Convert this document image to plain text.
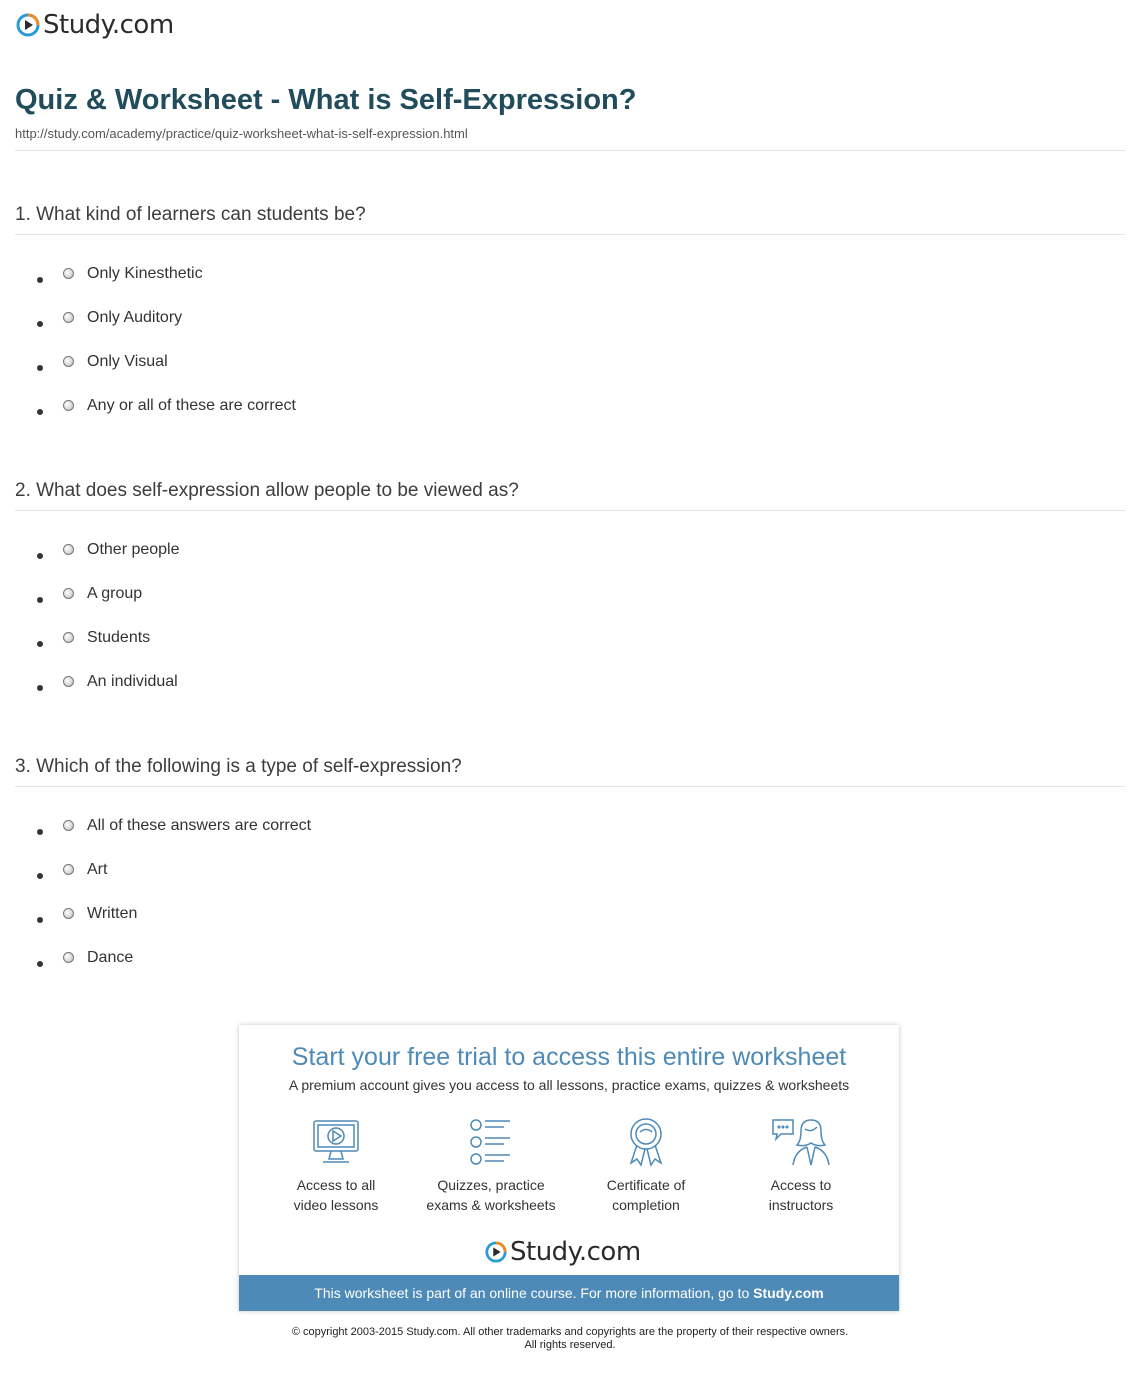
Study.com
Quiz & Worksheet - What is Self-Expression?
http://study.com/academy/practice/quiz-worksheet-what-is-self-expression.html
1. What kind of learners can students be?
Only Kinesthetic
Only Auditory
Only Visual
Any or all of these are correct
2. What does self-expression allow people to be viewed as?
Other people
A group
Students
An individual
3. Which of the following is a type of self-expression?
All of these answers are correct
Art
Written
Dance
Start your free trial to access this entire worksheet
A premium account gives you access to all lessons, practice exams, quizzes & worksheets
Access to all
video lessons
Quizzes, practice
exams & worksheets
Certificate of
completion
Access to
instructors
Study.com
This worksheet is part of an online course. For more information, go to Study.com
© copyright 2003-2015 Study.com. All other trademarks and copyrights are the property of their respective owners.
All rights reserved.
